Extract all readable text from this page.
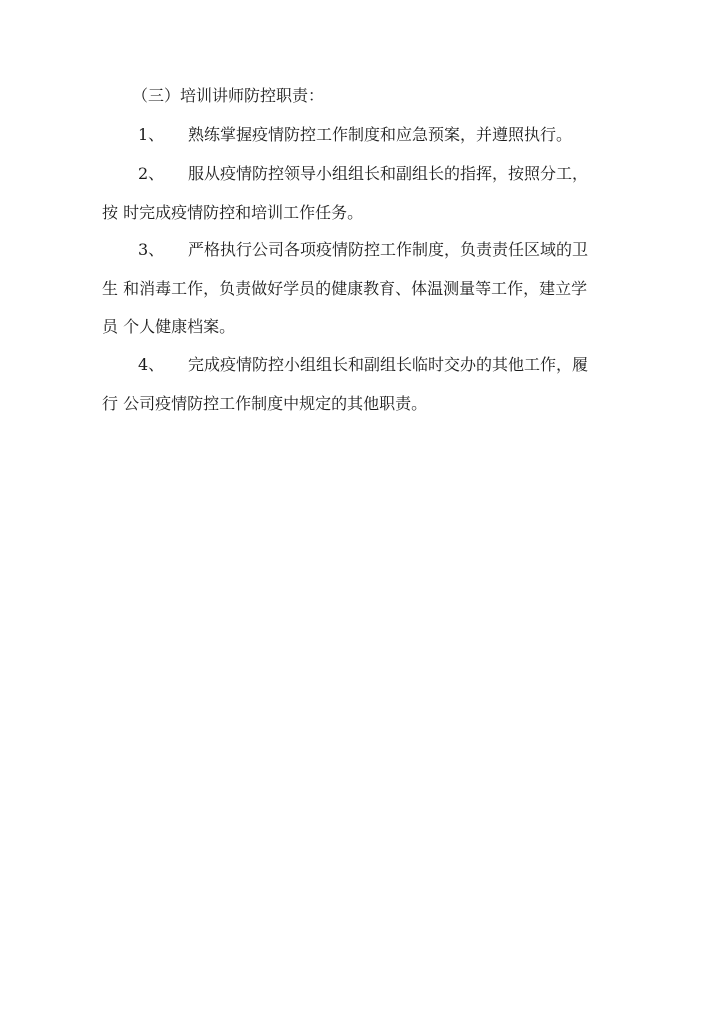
（三）培训讲师防控职责：
1、	熟练掌握疫情防控工作制度和应急预案，并遵照执行。
2、	服从疫情防控领导小组组长和副组长的指挥，按照分工，
按 时完成疫情防控和培训工作任务。
3、	严格执行公司各项疫情防控工作制度，负责责任区域的卫
生 和消毒工作，负责做好学员的健康教育、体温测量等工作，建立学
员 个人健康档案。
4、	完成疫情防控小组组长和副组长临时交办的其他工作，履
行 公司疫情防控工作制度中规定的其他职责。
